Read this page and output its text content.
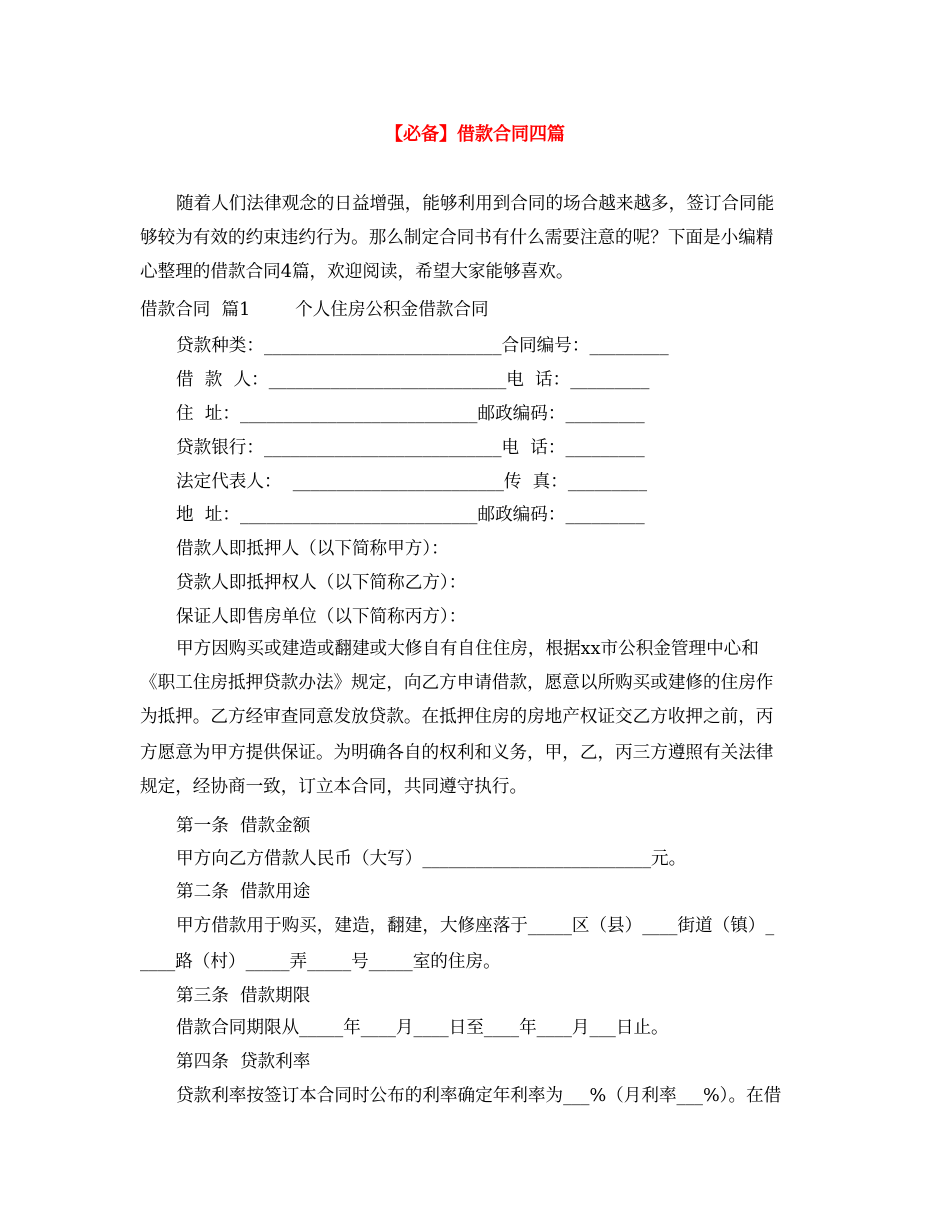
【必备】借款合同四篇
随着人们法律观念的日益增强，能够利用到合同的场合越来越多，签订合同能
够较为有效的约束违约行为。那么制定合同书有什么需要注意的呢？下面是小编精
心整理的借款合同4篇，欢迎阅读，希望大家能够喜欢。
借款合同  篇1        个人住房公积金借款合同
贷款种类：___________________________合同编号：_________
借  款  人：___________________________电  话：_________
住  址：___________________________邮政编码：_________
贷款银行：___________________________电  话：_________
法定代表人：  ________________________传  真：_________
地  址：___________________________邮政编码：_________
借款人即抵押人（以下简称甲方）：
贷款人即抵押权人（以下简称乙方）：
保证人即售房单位（以下简称丙方）：
甲方因购买或建造或翻建或大修自有自住住房，根据xx市公积金管理中心和
《职工住房抵押贷款办法》规定，向乙方申请借款，愿意以所购买或建修的住房作
为抵押。乙方经审查同意发放贷款。在抵押住房的房地产权证交乙方收押之前，丙
方愿意为甲方提供保证。为明确各自的权利和义务，甲，乙，丙三方遵照有关法律
规定，经协商一致，订立本合同，共同遵守执行。
第一条  借款金额
甲方向乙方借款人民币（大写）__________________________元。
第二条  借款用途
甲方借款用于购买，建造，翻建，大修座落于_____区（县）____街道（镇）_
____路（村）_____弄_____号_____室的住房。
第三条  借款期限
借款合同期限从_____年____月____日至____年____月___日止。
第四条  贷款利率
贷款利率按签订本合同时公布的利率确定年利率为___%（月利率___%）。在借
